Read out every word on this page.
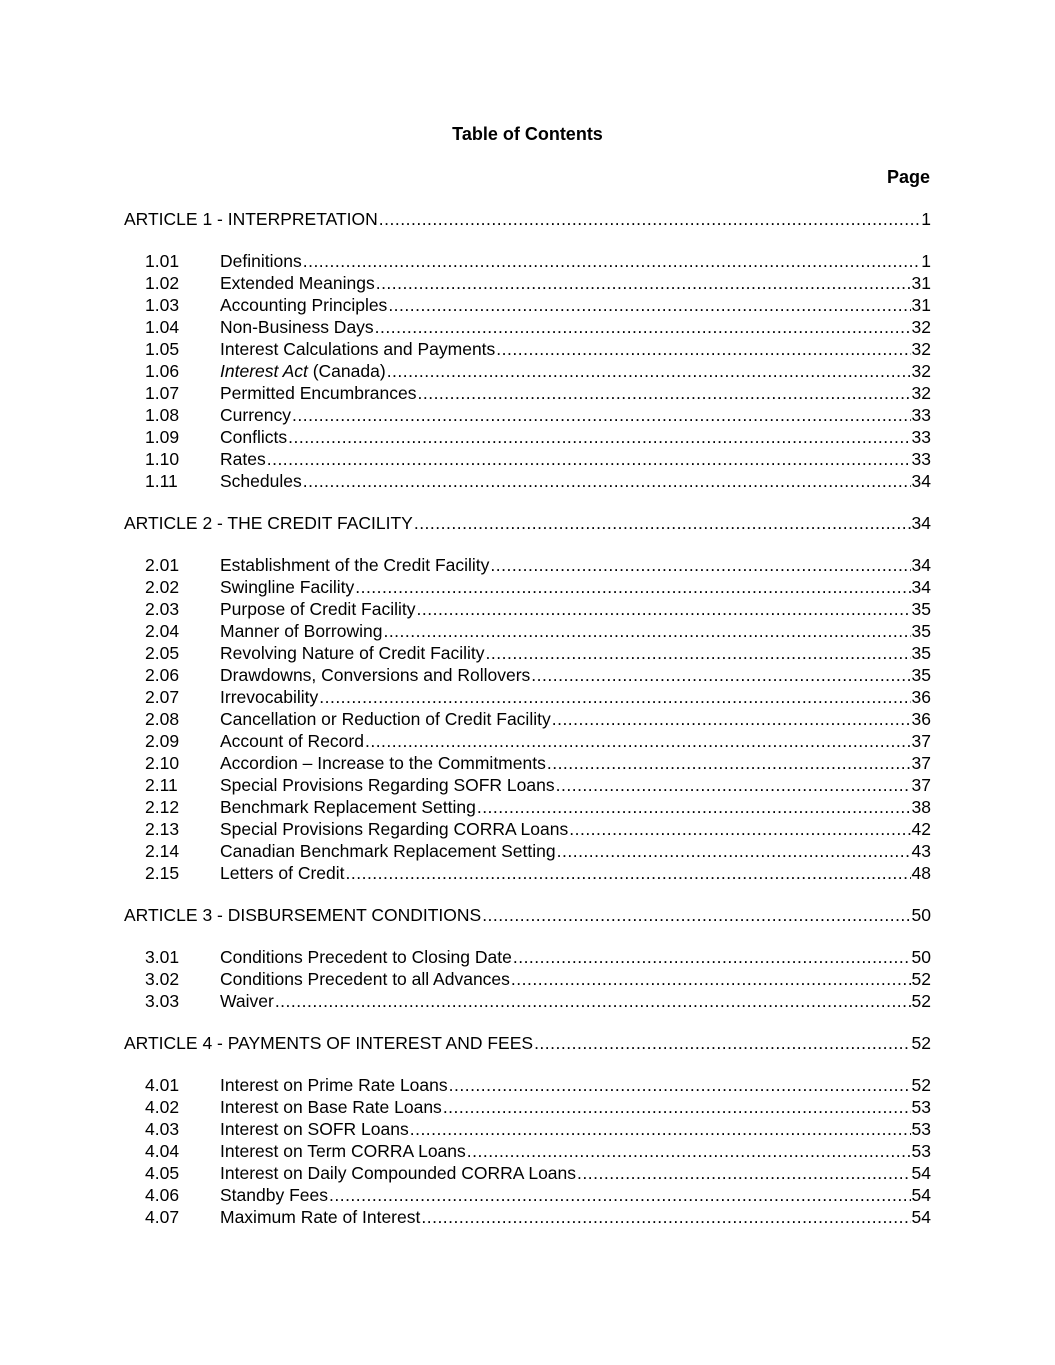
Table of Contents
Page
ARTICLE 1 - INTERPRETATION .....	1
1.01	Definitions .....	1
1.02	Extended Meanings .....	31
1.03	Accounting Principles .....	31
1.04	Non-Business Days .....	32
1.05	Interest Calculations and Payments .....	32
1.06	Interest Act (Canada) .....	32
1.07	Permitted Encumbrances .....	32
1.08	Currency .....	33
1.09	Conflicts .....	33
1.10	Rates .....	33
1.11	Schedules .....	34
ARTICLE 2 - THE CREDIT FACILITY .....	34
2.01	Establishment of the Credit Facility .....	34
2.02	Swingline Facility .....	34
2.03	Purpose of Credit Facility .....	35
2.04	Manner of Borrowing .....	35
2.05	Revolving Nature of Credit Facility .....	35
2.06	Drawdowns, Conversions and Rollovers .....	35
2.07	Irrevocability .....	36
2.08	Cancellation or Reduction of Credit Facility .....	36
2.09	Account of Record .....	37
2.10	Accordion – Increase to the Commitments .....	37
2.11	Special Provisions Regarding SOFR Loans .....	37
2.12	Benchmark Replacement Setting .....	38
2.13	Special Provisions Regarding CORRA Loans .....	42
2.14	Canadian Benchmark Replacement Setting .....	43
2.15	Letters of Credit .....	48
ARTICLE 3 - DISBURSEMENT CONDITIONS .....	50
3.01	Conditions Precedent to Closing Date .....	50
3.02	Conditions Precedent to all Advances .....	52
3.03	Waiver .....	52
ARTICLE 4 - PAYMENTS OF INTEREST AND FEES .....	52
4.01	Interest on Prime Rate Loans .....	52
4.02	Interest on Base Rate Loans .....	53
4.03	Interest on SOFR Loans .....	53
4.04	Interest on Term CORRA Loans .....	53
4.05	Interest on Daily Compounded CORRA Loans .....	54
4.06	Standby Fees .....	54
4.07	Maximum Rate of Interest .....	54
